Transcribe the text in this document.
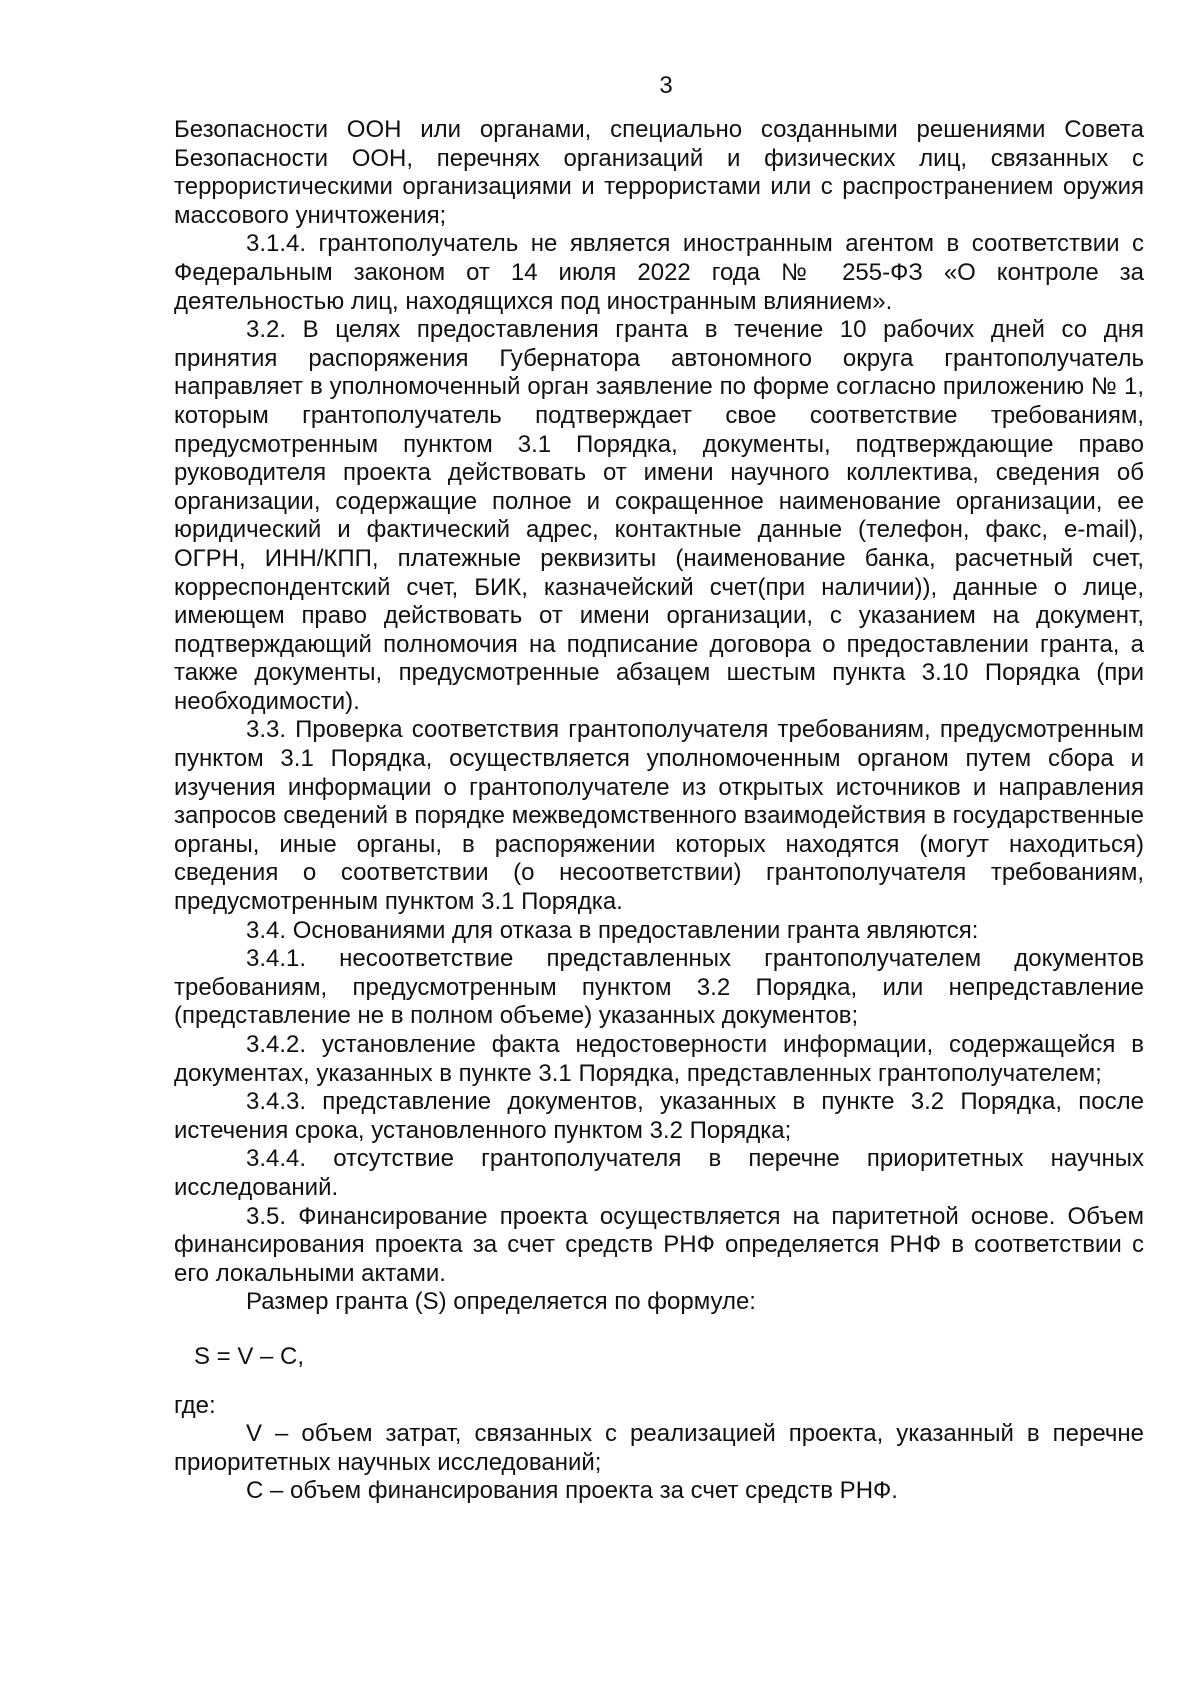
3

Безопасности ООН или органами, специально созданными решениями Совета Безопасности ООН, перечнях организаций и физических лиц, связанных с террористическими организациями и террористами или с распространением оружия массового уничтожения;

3.1.4. грантополучатель не является иностранным агентом в соответствии с Федеральным законом от 14 июля 2022 года № 255-ФЗ «О контроле за деятельностью лиц, находящихся под иностранным влиянием».

3.2. В целях предоставления гранта в течение 10 рабочих дней со дня принятия распоряжения Губернатора автономного округа грантополучатель направляет в уполномоченный орган заявление по форме согласно приложению № 1, которым грантополучатель подтверждает свое соответствие требованиям, предусмотренным пунктом 3.1 Порядка, документы, подтверждающие право руководителя проекта действовать от имени научного коллектива, сведения об организации, содержащие полное и сокращенное наименование организации, ее юридический и фактический адрес, контактные данные (телефон, факс, e-mail), ОГРН, ИНН/КПП, платежные реквизиты (наименование банка, расчетный счет, корреспондентский счет, БИК, казначейский счет(при наличии)), данные о лице, имеющем право действовать от имени организации, с указанием на документ, подтверждающий полномочия на подписание договора о предоставлении гранта, а также документы, предусмотренные абзацем шестым пункта 3.10 Порядка (при необходимости).

3.3. Проверка соответствия грантополучателя требованиям, предусмотренным пунктом 3.1 Порядка, осуществляется уполномоченным органом путем сбора и изучения информации о грантополучателе из открытых источников и направления запросов сведений в порядке межведомственного взаимодействия в государственные органы, иные органы, в распоряжении которых находятся (могут находиться) сведения о соответствии (о несоответствии) грантополучателя требованиям, предусмотренным пунктом 3.1 Порядка.

3.4. Основаниями для отказа в предоставлении гранта являются:

3.4.1. несоответствие представленных грантополучателем документов требованиям, предусмотренным пунктом 3.2 Порядка, или непредставление (представление не в полном объеме) указанных документов;

3.4.2. установление факта недостоверности информации, содержащейся в документах, указанных в пункте 3.1 Порядка, представленных грантополучателем;

3.4.3. представление документов, указанных в пункте 3.2 Порядка, после истечения срока, установленного пунктом 3.2 Порядка;

3.4.4. отсутствие грантополучателя в перечне приоритетных научных исследований.

3.5. Финансирование проекта осуществляется на паритетной основе. Объем финансирования проекта за счет средств РНФ определяется РНФ в соответствии с его локальными актами.

Размер гранта (S) определяется по формуле:

S = V – C,

где:

V – объем затрат, связанных с реализацией проекта, указанный в перечне приоритетных научных исследований;

C – объем финансирования проекта за счет средств РНФ.
